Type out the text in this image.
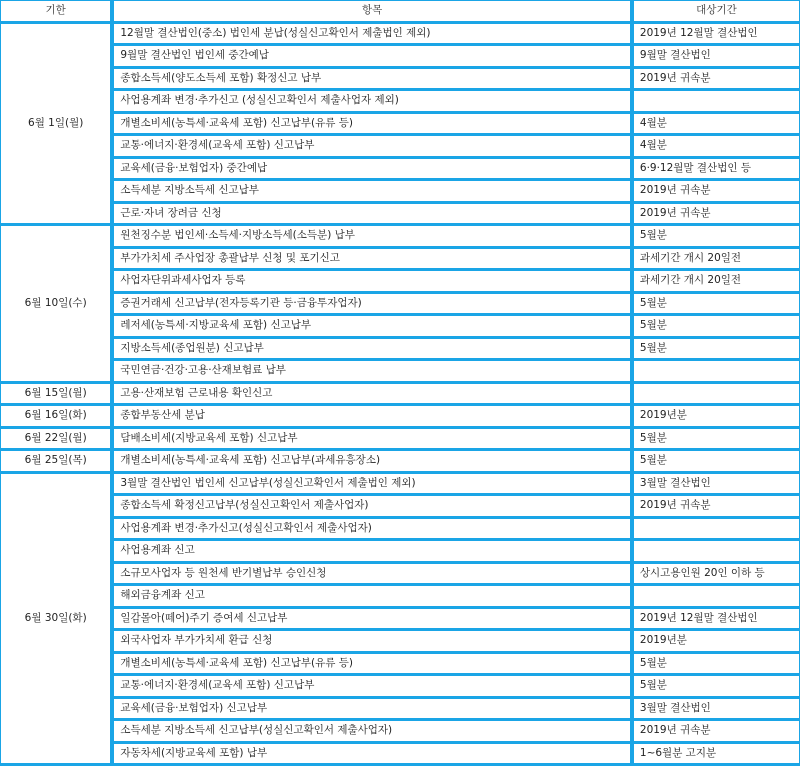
기한	항목	대상기간
6월 1일(월)	12월말 결산법인(중소) 법인세 분납(성실신고확인서 제출법인 제외)	2019년 12월말 결산법인
	9월말 결산법인 법인세 중간예납	9월말 결산법인
	종합소득세(양도소득세 포함) 확정신고 납부	2019년 귀속분
	사업용계좌 변경·추가신고 (성실신고확인서 제출사업자 제외)	
	개별소비세(농특세·교육세 포함) 신고납부(유류 등)	4월분
	교통·에너지·환경세(교육세 포함) 신고납부	4월분
	교육세(금융·보험업자) 중간예납	6·9·12월말 결산법인 등
	소득세분 지방소득세 신고납부	2019년 귀속분
	근로·자녀 장려금 신청	2019년 귀속분
6월 10일(수)	원천징수분 법인세·소득세·지방소득세(소득분) 납부	5월분
	부가가치세 주사업장 총괄납부 신청 및 포기신고	과세기간 개시 20일전
	사업자단위과세사업자 등록	과세기간 개시 20일전
	증권거래세 신고납부(전자등록기관 등·금융투자업자)	5월분
	레저세(농특세·지방교육세 포함) 신고납부	5월분
	지방소득세(종업원분) 신고납부	5월분
	국민연금·건강·고용·산재보험료 납부	
6월 15일(월)	고용·산재보험 근로내용 확인신고	
6월 16일(화)	종합부동산세 분납	2019년분
6월 22일(월)	담배소비세(지방교육세 포함) 신고납부	5월분
6월 25일(목)	개별소비세(농특세·교육세 포함) 신고납부(과세유흥장소)	5월분
6월 30일(화)	3월말 결산법인 법인세 신고납부(성실신고확인서 제출법인 제외)	3월말 결산법인
	종합소득세 확정신고납부(성실신고확인서 제출사업자)	2019년 귀속분
	사업용계좌 변경·추가신고(성실신고확인서 제출사업자)	
	사업용계좌 신고	
	소규모사업자 등 원천세 반기별납부 승인신청	상시고용인원 20인 이하 등
	해외금융계좌 신고	
	일감몰아(떼어)주기 증여세 신고납부	2019년 12월말 결산법인
	외국사업자 부가가치세 환급 신청	2019년분
	개별소비세(농특세·교육세 포함) 신고납부(유류 등)	5월분
	교통·에너지·환경세(교육세 포함) 신고납부	5월분
	교육세(금융·보험업자) 신고납부	3월말 결산법인
	소득세분 지방소득세 신고납부(성실신고확인서 제출사업자)	2019년 귀속분
	자동차세(지방교육세 포함) 납부	1~6월분 고지분
